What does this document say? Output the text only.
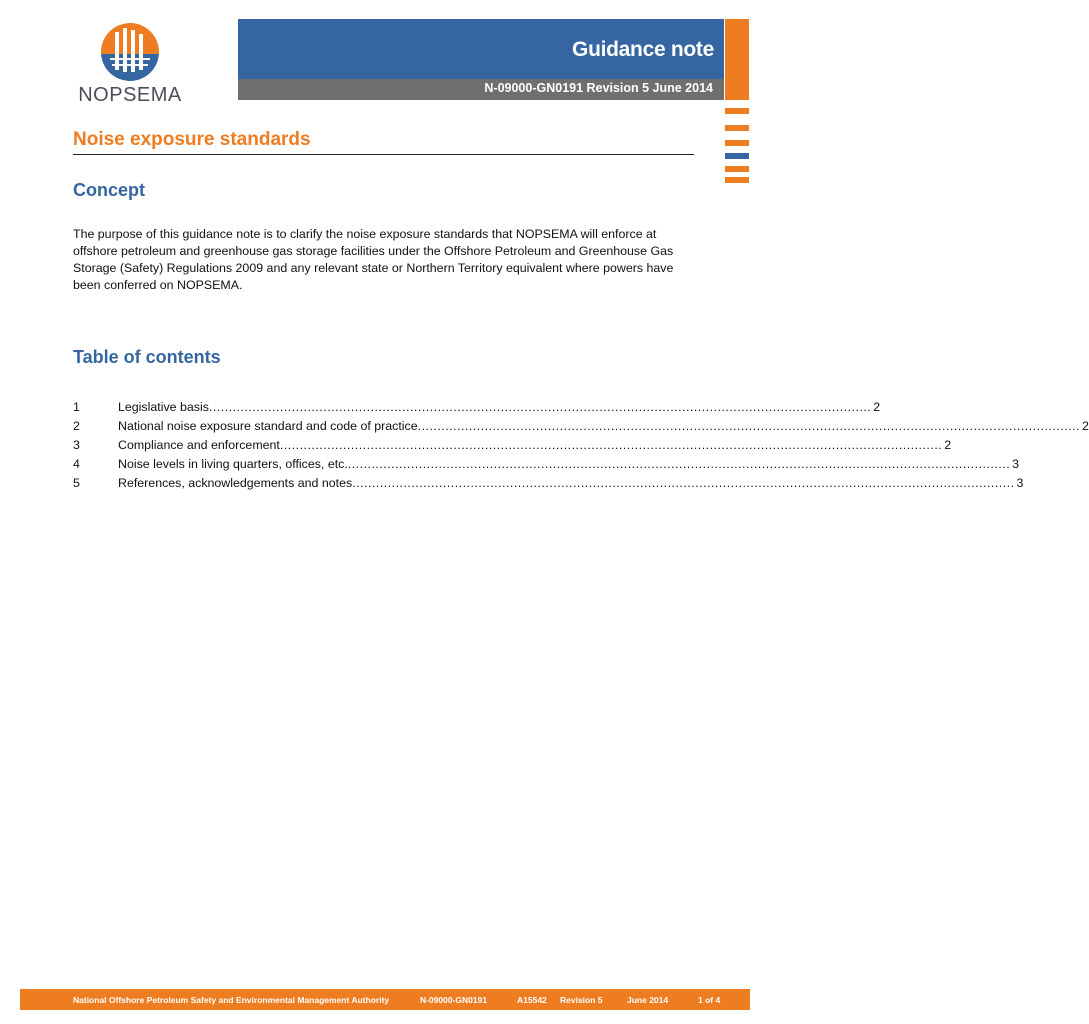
NOPSEMA
Guidance note
N-09000-GN0191 Revision 5 June 2014
Noise exposure standards
Concept
The purpose of this guidance note is to clarify the noise exposure standards that NOPSEMA will enforce at offshore petroleum and greenhouse gas storage facilities under the Offshore Petroleum and Greenhouse Gas Storage (Safety) Regulations 2009 and any relevant state or Northern Territory equivalent where powers have been conferred on NOPSEMA.
Table of contents
1	Legislative basis ........................................................................................................................................................................ 2
2	National noise exposure standard and code of practice ........................................................................................................................................................................ 2
3	Compliance and enforcement ........................................................................................................................................................................ 2
4	Noise levels in living quarters, offices, etc. ........................................................................................................................................................................ 3
5	References, acknowledgements and notes ........................................................................................................................................................................ 3
National Offshore Petroleum Safety and Environmental Management Authority	N-09000-GN0191	A15542 Revision 5	June 2014	1 of 4
